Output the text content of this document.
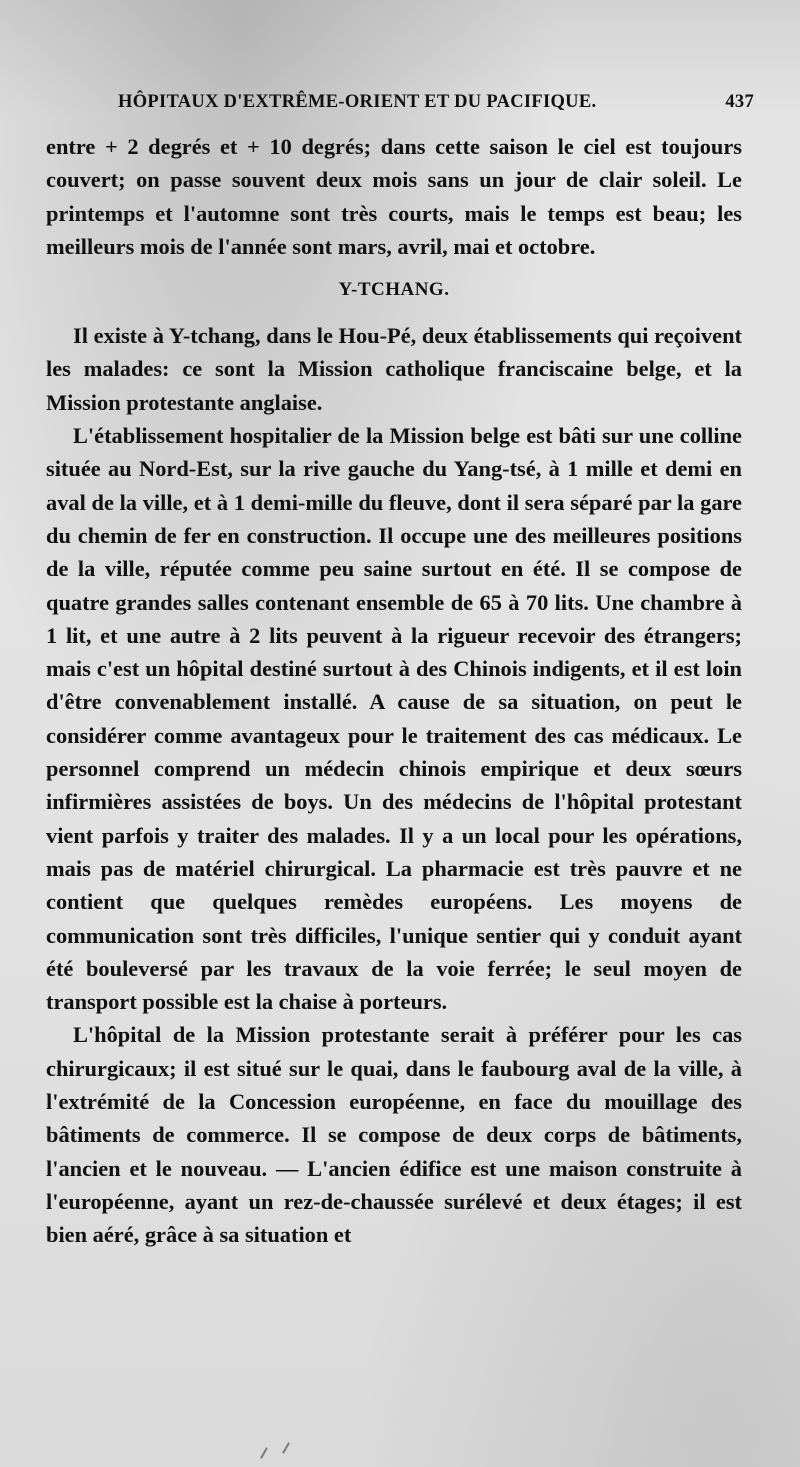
HÔPITAUX D'EXTRÊME-ORIENT ET DU PACIFIQUE.	437

entre + 2 degrés et + 10 degrés; dans cette saison le ciel est toujours couvert; on passe souvent deux mois sans un jour de clair soleil. Le printemps et l'automne sont très courts, mais le temps est beau; les meilleurs mois de l'année sont mars, avril, mai et octobre.

Y-TCHANG.

Il existe à Y-tchang, dans le Hou-Pé, deux établissements qui reçoivent les malades: ce sont la Mission catholique franciscaine belge, et la Mission protestante anglaise.

L'établissement hospitalier de la Mission belge est bâti sur une colline située au Nord-Est, sur la rive gauche du Yang-tsé, à 1 mille et demi en aval de la ville, et à 1 demi-mille du fleuve, dont il sera séparé par la gare du chemin de fer en construction. Il occupe une des meilleures positions de la ville, réputée comme peu saine surtout en été. Il se compose de quatre grandes salles contenant ensemble de 65 à 70 lits. Une chambre à 1 lit, et une autre à 2 lits peuvent à la rigueur recevoir des étrangers; mais c'est un hôpital destiné surtout à des Chinois indigents, et il est loin d'être convenablement installé. A cause de sa situation, on peut le considérer comme avantageux pour le traitement des cas médicaux. Le personnel comprend un médecin chinois empirique et deux sœurs infirmières assistées de boys. Un des médecins de l'hôpital protestant vient parfois y traiter des malades. Il y a un local pour les opérations, mais pas de matériel chirurgical. La pharmacie est très pauvre et ne contient que quelques remèdes européens. Les moyens de communication sont très difficiles, l'unique sentier qui y conduit ayant été bouleversé par les travaux de la voie ferrée; le seul moyen de transport possible est la chaise à porteurs.

L'hôpital de la Mission protestante serait à préférer pour les cas chirurgicaux; il est situé sur le quai, dans le faubourg aval de la ville, à l'extrémité de la Concession européenne, en face du mouillage des bâtiments de commerce. Il se compose de deux corps de bâtiments, l'ancien et le nouveau. — L'ancien édifice est une maison construite à l'européenne, ayant un rez-de-chaussée surélevé et deux étages; il est bien aéré, grâce à sa situation et
